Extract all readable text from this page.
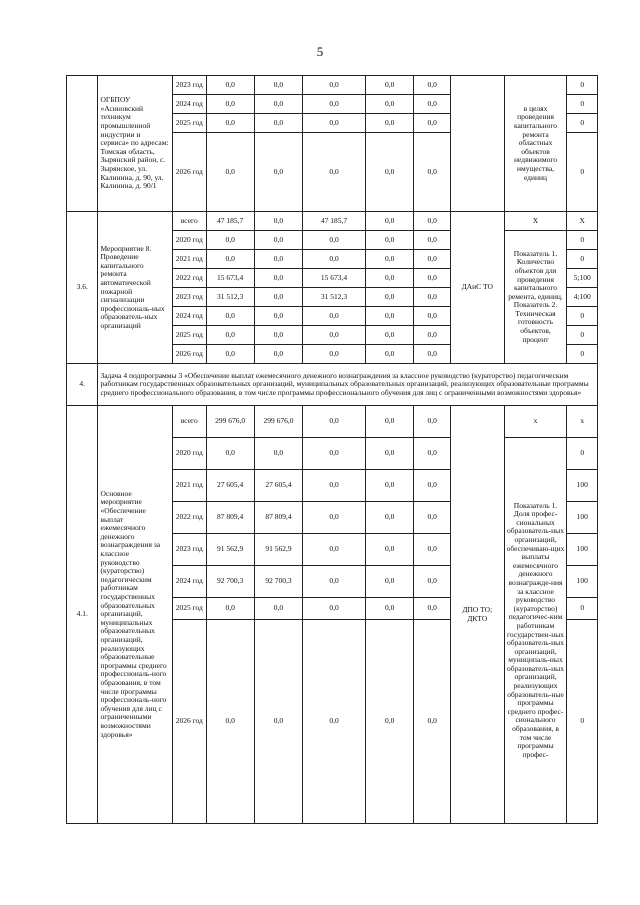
5
	ОГБПОУ «Асиновский техникум промышленной индустрии и сервиса» по адресам: Томская область, Зырянский район, с. Зырянское, ул. Калинина, д. 90, ул. Калинина, д. 90/1	2023 год	0,0	0,0	0,0	0,0	0,0		в целях проведения капитального ремонта областных объектов недвижимого имущества, единиц	0
		2024 год	0,0	0,0	0,0	0,0	0,0			0
		2025 год	0,0	0,0	0,0	0,0	0,0			0
		2026 год	0,0	0,0	0,0	0,0	0,0			0
3.6.	Мероприятие 8. Проведение капитального ремонта автоматической пожарной сигнализации профессиональ-ных образователь-ных организаций	всего	47 185,7	0,0	47 185,7	0,0	0,0	ДАиС ТО	Х	Х
		2020 год	0,0	0,0	0,0	0,0	0,0		Показатель 1. Количество объектов для проведения капитального ремента, единиц. Показатель 2. Техническая готовность объектов, процент	0
		2021 год	0,0	0,0	0,0	0,0	0,0			0
		2022 год	15 673,4	0,0	15 673,4	0,0	0,0			5;100
		2023 год	31 512,3	0,0	31 512,3	0,0	0,0			4;100
		2024 год	0,0	0,0	0,0	0,0	0,0			0
		2025 год	0,0	0,0	0,0	0,0	0,0			0
		2026 год	0,0	0,0	0,0	0,0	0,0			0
4.	Задача 4 подпрограммы 3 «Обеспечение выплат ежемесячного денежного вознаграждения за классное руководство (кураторство) педагогическим работникам государственных образовательных организаций, муниципальных образовательных организаций, реализующих образовательные программы среднего профессионального образования, в том числе программы профессионального обучения для лиц с ограниченными возможностями здоровья»									
4.1.	Основное мероприятие «Обеспечение выплат ежемесячного денежного вознаграждения за классное руководство (кураторство) педагогическим работникам государственных образовательных организаций, муниципальных образовательных организаций, реализующих образовательные программы среднего профессиональ-ного образования, в том числе программы профессиональ-ного обучения для лиц с ограниченными возможностями здоровья»	всего	299 676,0	299 676,0	0,0	0,0	0,0	ДПО ТО; ДКТО	х	х
		2020 год	0,0	0,0	0,0	0,0	0,0		Показатель 1. Доля профес-сиональных образователь-ных организаций, обеспечиваю-щих выплаты ежемесячного денежного вознагражде-ния за классное руководство (кураторство) педагогичес-ким работникам государствен-ных образователь-ных организаций, муниципаль-ных образователь-ных организаций, реализующих образователь-ные программы среднего профес-сионального образования, в том числе программы профес-	0
		2021 год	27 605,4	27 605,4	0,0	0,0	0,0			100
		2022 год	87 809,4	87 809,4	0,0	0,0	0,0			100
		2023 год	91 562,9	91 562,9	0,0	0,0	0,0			100
		2024 год	92 700,3	92 700,3	0,0	0,0	0,0			100
		2025 год	0,0	0,0	0,0	0,0	0,0			0
		2026 год	0,0	0,0	0,0	0,0	0,0			0
